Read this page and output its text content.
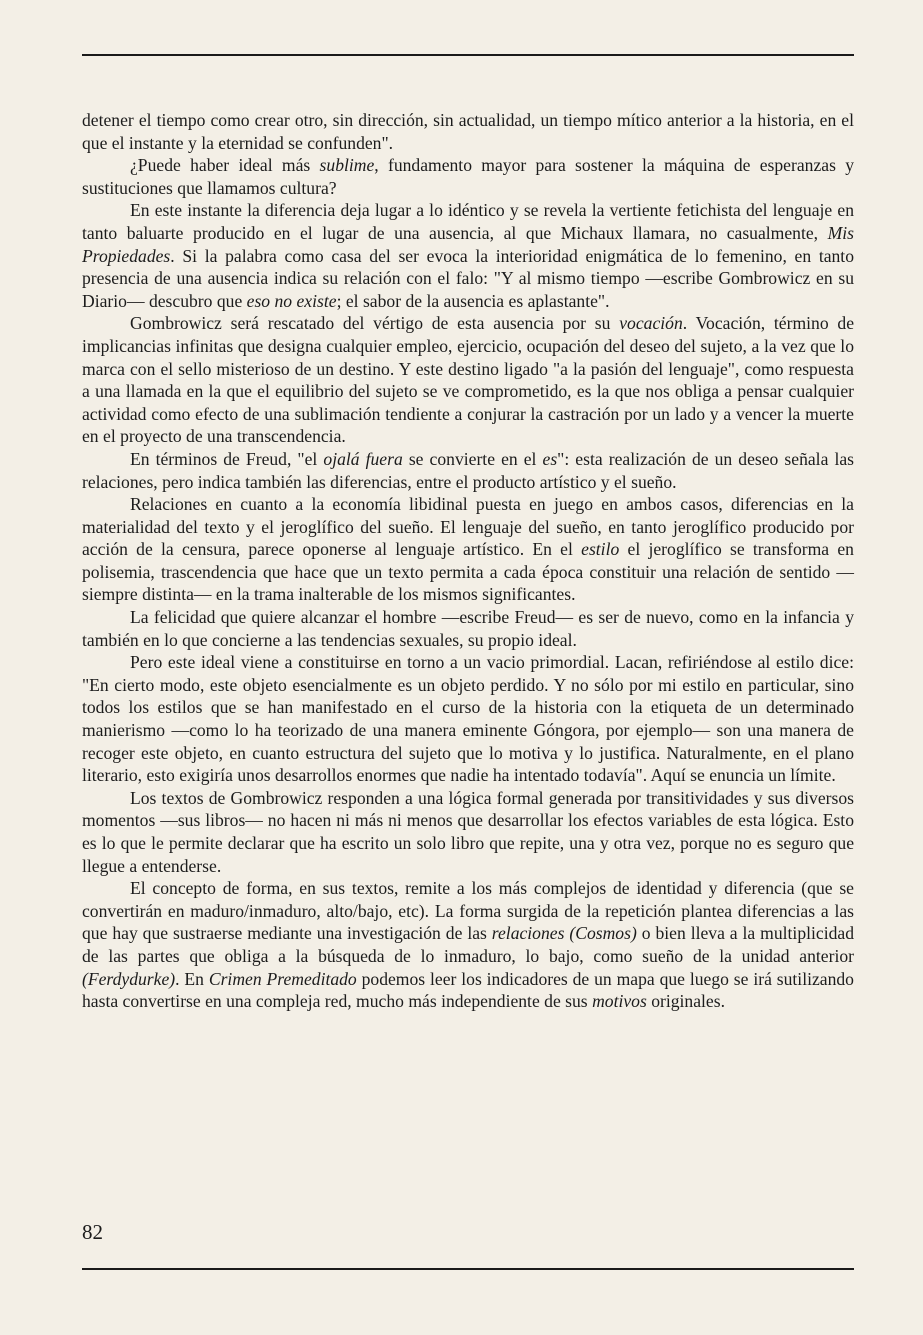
detener el tiempo como crear otro, sin dirección, sin actualidad, un tiempo mítico anterior a la historia, en el que el instante y la eternidad se confunden".

¿Puede haber ideal más sublime, fundamento mayor para sostener la máquina de esperanzas y sustituciones que llamamos cultura?

En este instante la diferencia deja lugar a lo idéntico y se revela la vertiente fetichista del lenguaje en tanto baluarte producido en el lugar de una ausencia, al que Michaux llamara, no casualmente, Mis Propiedades. Si la palabra como casa del ser evoca la interioridad enigmática de lo femenino, en tanto presencia de una ausencia indica su relación con el falo: "Y al mismo tiempo —escribe Gombrowicz en su Diario— descubro que eso no existe; el sabor de la ausencia es aplastante".

Gombrowicz será rescatado del vértigo de esta ausencia por su vocación. Vocación, término de implicancias infinitas que designa cualquier empleo, ejercicio, ocupación del deseo del sujeto, a la vez que lo marca con el sello misterioso de un destino. Y este destino ligado "a la pasión del lenguaje", como respuesta a una llamada en la que el equilibrio del sujeto se ve comprometido, es la que nos obliga a pensar cualquier actividad como efecto de una sublimación tendiente a conjurar la castración por un lado y a vencer la muerte en el proyecto de una transcendencia.

En términos de Freud, "el ojalá fuera se convierte en el es": esta realización de un deseo señala las relaciones, pero indica también las diferencias, entre el producto artístico y el sueño.

Relaciones en cuanto a la economía libidinal puesta en juego en ambos casos, diferencias en la materialidad del texto y el jeroglífico del sueño. El lenguaje del sueño, en tanto jeroglífico producido por acción de la censura, parece oponerse al lenguaje artístico. En el estilo el jeroglífico se transforma en polisemia, trascendencia que hace que un texto permita a cada época constituir una relación de sentido —siempre distinta— en la trama inalterable de los mismos significantes.

La felicidad que quiere alcanzar el hombre —escribe Freud— es ser de nuevo, como en la infancia y también en lo que concierne a las tendencias sexuales, su propio ideal.

Pero este ideal viene a constituirse en torno a un vacio primordial. Lacan, refiriéndose al estilo dice: "En cierto modo, este objeto esencialmente es un objeto perdido. Y no sólo por mi estilo en particular, sino todos los estilos que se han manifestado en el curso de la historia con la etiqueta de un determinado manierismo —como lo ha teorizado de una manera eminente Góngora, por ejemplo— son una manera de recoger este objeto, en cuanto estructura del sujeto que lo motiva y lo justifica. Naturalmente, en el plano literario, esto exigiría unos desarrollos enormes que nadie ha intentado todavía". Aquí se enuncia un límite.

Los textos de Gombrowicz responden a una lógica formal generada por transitividades y sus diversos momentos —sus libros— no hacen ni más ni menos que desarrollar los efectos variables de esta lógica. Esto es lo que le permite declarar que ha escrito un solo libro que repite, una y otra vez, porque no es seguro que llegue a entenderse.

El concepto de forma, en sus textos, remite a los más complejos de identidad y diferencia (que se convertirán en maduro/inmaduro, alto/bajo, etc). La forma surgida de la repetición plantea diferencias a las que hay que sustraerse mediante una investigación de las relaciones (Cosmos) o bien lleva a la multiplicidad de las partes que obliga a la búsqueda de lo inmaduro, lo bajo, como sueño de la unidad anterior (Ferdydurke). En Crimen Premeditado podemos leer los indicadores de un mapa que luego se irá sutilizando hasta convertirse en una compleja red, mucho más independiente de sus motivos originales.

82
